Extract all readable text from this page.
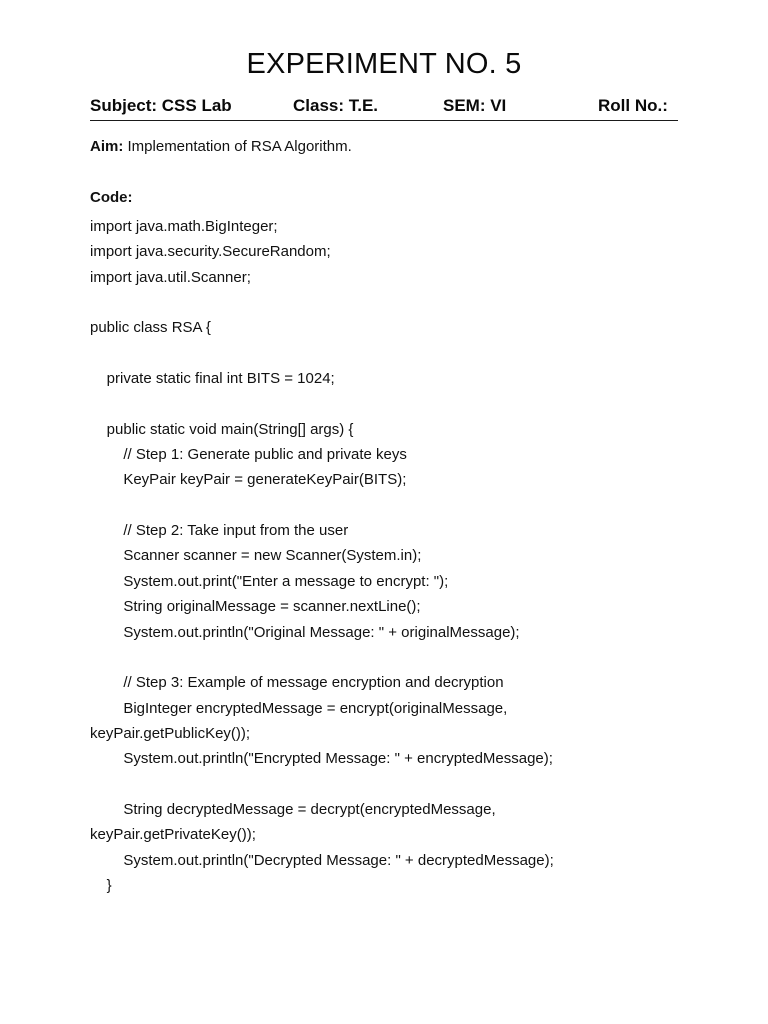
EXPERIMENT NO. 5
Subject: CSS Lab	Class: T.E.	SEM: VI	Roll No.:
Aim: Implementation of RSA Algorithm.
Code:
import java.math.BigInteger;
import java.security.SecureRandom;
import java.util.Scanner;
public class RSA {
private static final int BITS = 1024;
public static void main(String[] args) {
// Step 1: Generate public and private keys
KeyPair keyPair = generateKeyPair(BITS);
// Step 2: Take input from the user
Scanner scanner = new Scanner(System.in);
System.out.print("Enter a message to encrypt: ");
String originalMessage = scanner.nextLine();
System.out.println("Original Message: " + originalMessage);
// Step 3: Example of message encryption and decryption
BigInteger encryptedMessage = encrypt(originalMessage,
keyPair.getPublicKey());
System.out.println("Encrypted Message: " + encryptedMessage);
String decryptedMessage = decrypt(encryptedMessage,
keyPair.getPrivateKey());
System.out.println("Decrypted Message: " + decryptedMessage);
}
